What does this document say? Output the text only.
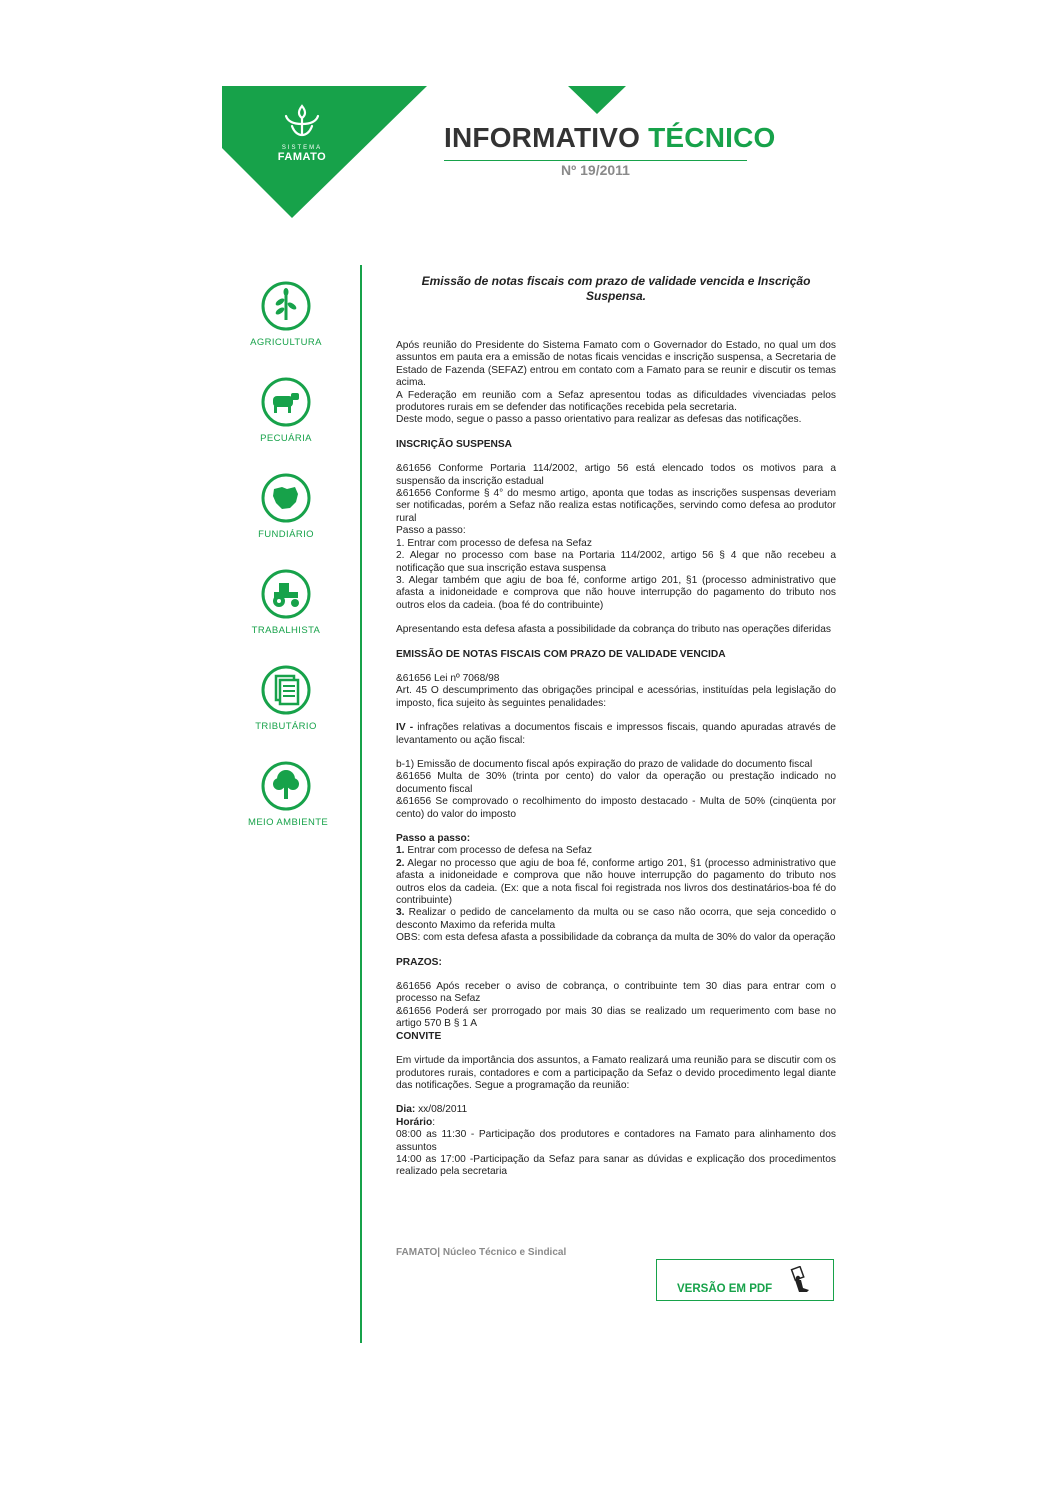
SISTEMA
FAMATO
INFORMATIVO TÉCNICO
Nº 19/2011
AGRICULTURA
PECUÁRIA
FUNDIÁRIO
TRABALHISTA
TRIBUTÁRIO
MEIO AMBIENTE
Emissão de notas fiscais com prazo de validade vencida e Inscrição Suspensa.

Após reunião do Presidente do Sistema Famato com o Governador do Estado, no qual um dos assuntos em pauta era a emissão de notas ficais vencidas e inscrição suspensa, a Secretaria de Estado de Fazenda (SEFAZ) entrou em contato com a Famato para se reunir e discutir os temas acima.

A Federação em reunião com a Sefaz apresentou todas as dificuldades vivenciadas pelos produtores rurais em se defender das notificações recebida pela secretaria.

Deste modo, segue o passo a passo orientativo para realizar as defesas das notificações.

INSCRIÇÃO SUSPENSA

&61656 Conforme Portaria 114/2002, artigo 56 está elencado todos os motivos para a suspensão da inscrição estadual

&61656 Conforme § 4° do mesmo artigo, aponta que todas as inscrições suspensas deveriam ser notificadas, porém a Sefaz não realiza estas notificações, servindo como defesa ao produtor rural

Passo a passo:

1. Entrar com processo de defesa na Sefaz

2. Alegar no processo com base na Portaria 114/2002, artigo 56 § 4 que não recebeu a notificação que sua inscrição estava suspensa

3. Alegar também que agiu de boa fé, conforme artigo 201, §1 (processo administrativo que afasta a inidoneidade e comprova que não houve interrupção do pagamento do tributo nos outros elos da cadeia. (boa fé do contribuinte)

Apresentando esta defesa afasta a possibilidade da cobrança do tributo nas operações diferidas

EMISSÃO DE NOTAS FISCAIS COM PRAZO DE VALIDADE VENCIDA

&61656 Lei nº 7068/98

Art. 45 O descumprimento das obrigações principal e acessórias, instituídas pela legislação do imposto, fica sujeito às seguintes penalidades:

IV - infrações relativas a documentos fiscais e impressos fiscais, quando apuradas através de levantamento ou ação fiscal:

b-1) Emissão de documento fiscal após expiração do prazo de validade do documento fiscal

&61656 Multa de 30% (trinta por cento) do valor da operação ou prestação indicado no documento fiscal

&61656 Se comprovado o recolhimento do imposto destacado - Multa de 50% (cinqüenta por cento) do valor do imposto

Passo a passo:

1. Entrar com processo de defesa na Sefaz

2. Alegar no processo que agiu de boa fé, conforme artigo 201, §1 (processo administrativo que afasta a inidoneidade e comprova que não houve interrupção do pagamento do tributo nos outros elos da cadeia. (Ex: que a nota fiscal foi registrada nos livros dos destinatários-boa fé do contribuinte)

3. Realizar o pedido de cancelamento da multa ou se caso não ocorra, que seja concedido o desconto Maximo da referida multa

OBS: com esta defesa afasta a possibilidade da cobrança da multa de 30% do valor da operação

PRAZOS:

&61656 Após receber o aviso de cobrança, o contribuinte tem 30 dias para entrar com o processo na Sefaz

&61656 Poderá ser prorrogado por mais 30 dias se realizado um requerimento com base no artigo 570 B § 1 A

CONVITE

Em virtude da importância dos assuntos, a Famato realizará uma reunião para se discutir com os produtores rurais, contadores e com a participação da Sefaz o devido procedimento legal diante das notificações. Segue a programação da reunião:

Dia: xx/08/2011

Horário:

08:00 as 11:30 - Participação dos produtores e contadores na Famato para alinhamento dos assuntos

14:00 as 17:00 -Participação da Sefaz para sanar as dúvidas e explicação dos procedimentos realizado pela secretaria

FAMATO| Núcleo Técnico e Sindical
VERSÃO EM PDF
